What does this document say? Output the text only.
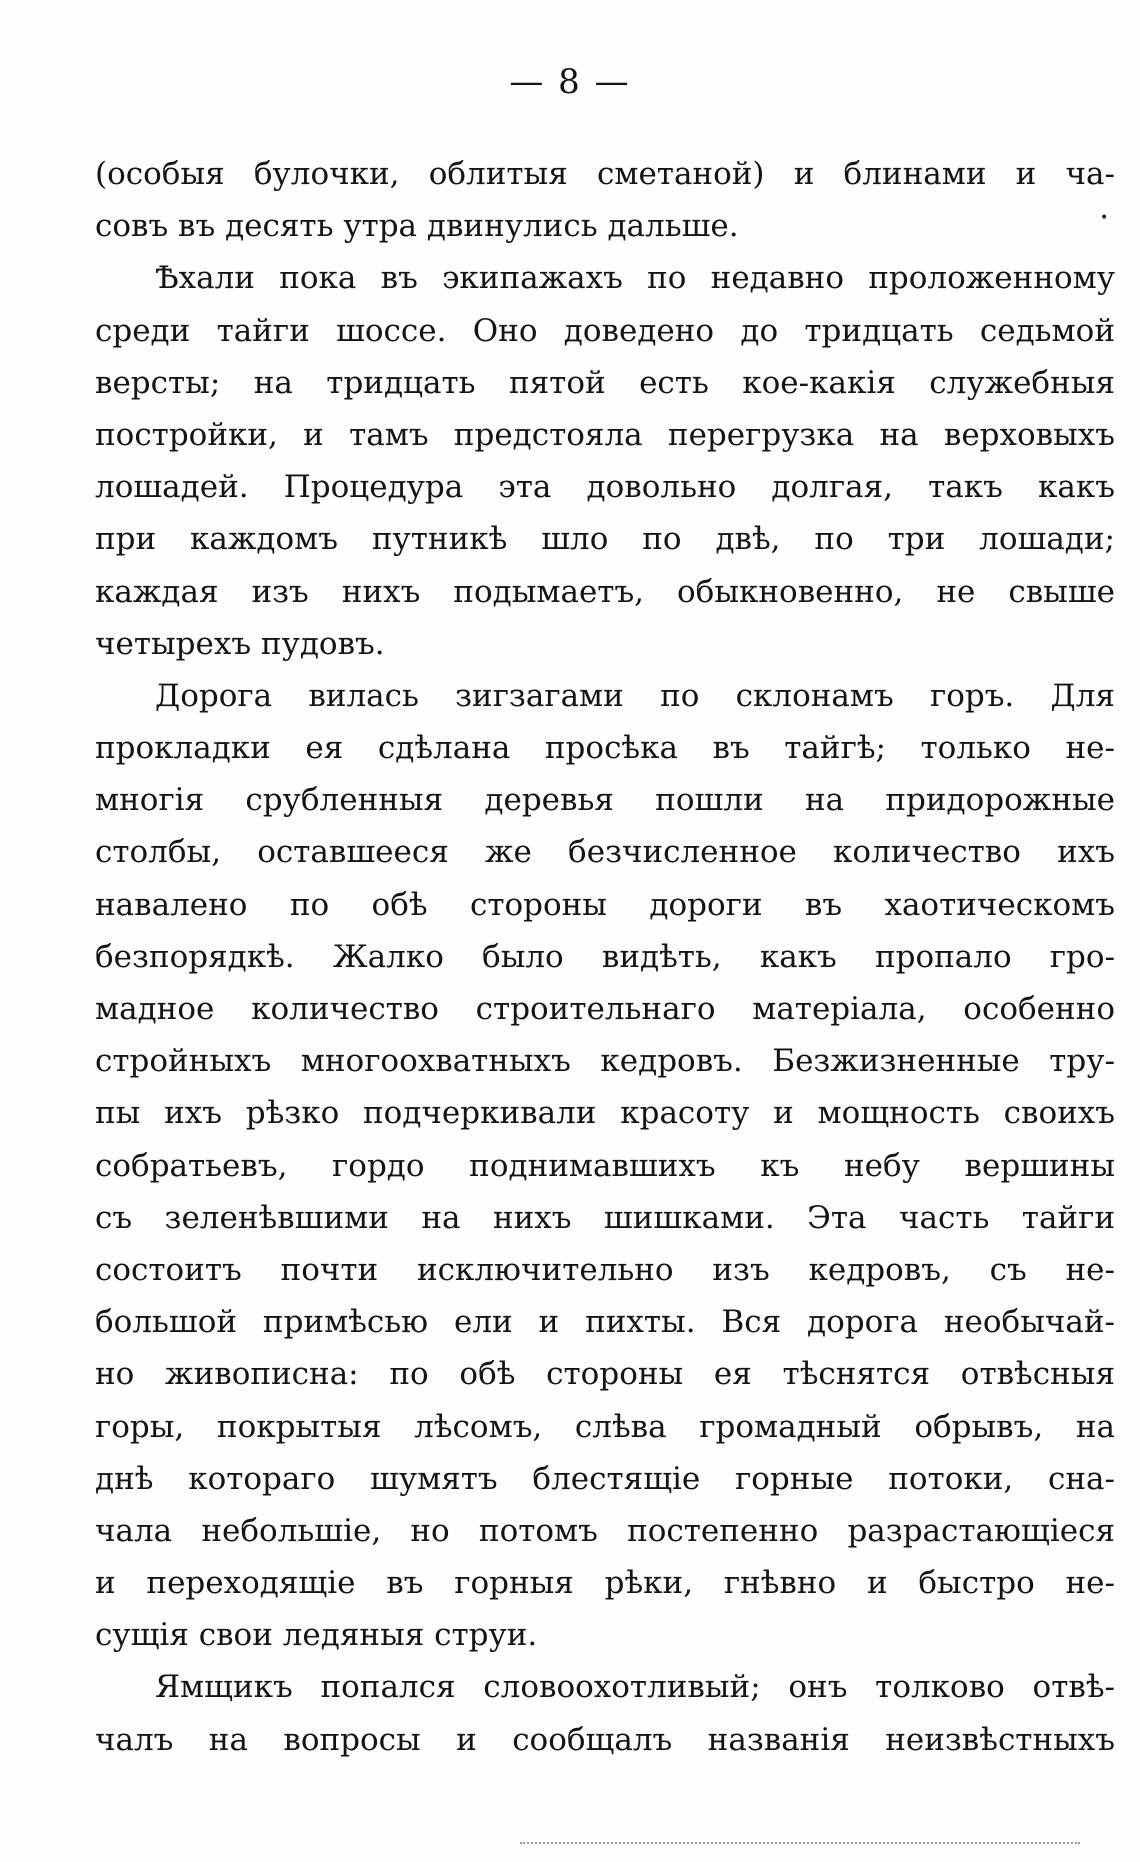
— 8 —
(особыя булочки, облитыя сметаной) и блинами и ча-
совъ въ десять утра двинулись дальше.
Ѣхали пока въ экипажахъ по недавно проложенному
среди тайги шоссе. Оно доведено до тридцать седьмой
версты; на тридцать пятой есть кое-какія служебныя
постройки, и тамъ предстояла перегрузка на верховыхъ
лошадей. Процедура эта довольно долгая, такъ какъ
при каждомъ путникѣ шло по двѣ, по три лошади;
каждая изъ нихъ подымаетъ, обыкновенно, не свыше
четырехъ пудовъ.
Дорога вилась зигзагами по склонамъ горъ. Для
прокладки ея сдѣлана просѣка въ тайгѣ; только не-
многія срубленныя деревья пошли на придорожные
столбы, оставшееся же безчисленное количество ихъ
навалено по обѣ стороны дороги въ хаотическомъ
безпорядкѣ. Жалко было видѣть, какъ пропало гро-
мадное количество строительнаго матеріала, особенно
стройныхъ многоохватныхъ кедровъ. Безжизненные тру-
пы ихъ рѣзко подчеркивали красоту и мощность своихъ
собратьевъ, гордо поднимавшихъ къ небу вершины
съ зеленѣвшими на нихъ шишками. Эта часть тайги
состоитъ почти исключительно изъ кедровъ, съ не-
большой примѣсью ели и пихты. Вся дорога необычай-
но живописна: по обѣ стороны ея тѣснятся отвѣсныя
горы, покрытыя лѣсомъ, слѣва громадный обрывъ, на
днѣ котораго шумятъ блестящіе горные потоки, сна-
чала небольшіе, но потомъ постепенно разрастающіеся
и переходящіе въ горныя рѣки, гнѣвно и быстро не-
сущія свои ледяныя струи.
Ямщикъ попался словоохотливый; онъ толково отвѣ-
чалъ на вопросы и сообщалъ названія неизвѣстныхъ
•
